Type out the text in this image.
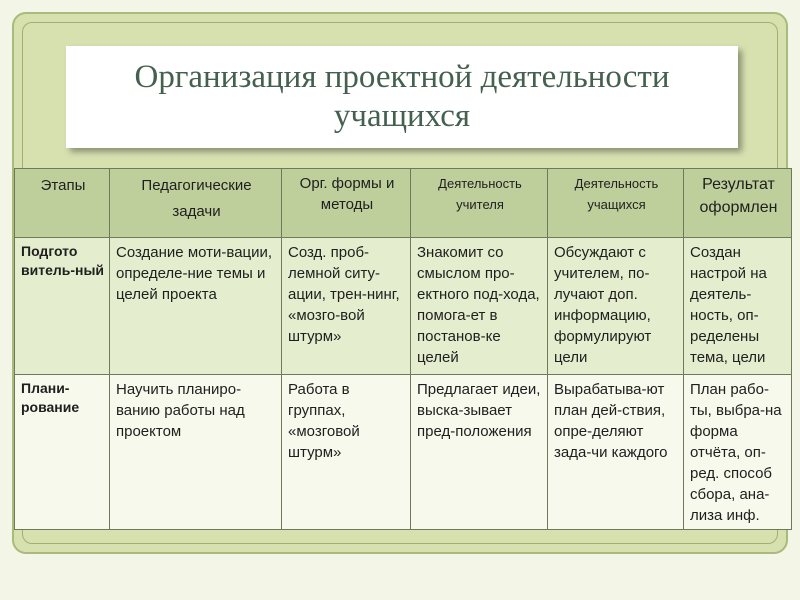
Организация проектной деятельности учащихся
Этапы	Педагогические задачи	Орг. формы и методы	Деятельность учителя	Деятельность учащихся	Результат оформлен
Подгото витель-ный	Создание моти-вации, определе-ние темы и целей проекта	Созд. проб-лемной ситу-ации, трен-нинг, «мозго-вой штурм»	Знакомит со смыслом про-ектного под-хода, помога-ет в постанов-ке целей	Обсуждают с учителем, по-лучают доп. информацию, формулируют цели	Создан настрой на деятель-ность, оп-ределены тема, цели
Плани-рование	Научить планиро-ванию работы над проектом	Работа в группах, «мозговой штурм»	Предлагает идеи, выска-зывает пред-положения	Вырабатыва-ют план дей-ствия, опре-деляют зада-чи каждого	План рабо-ты, выбра-на форма отчёта, оп-ред. способ сбора, ана-лиза инф.
